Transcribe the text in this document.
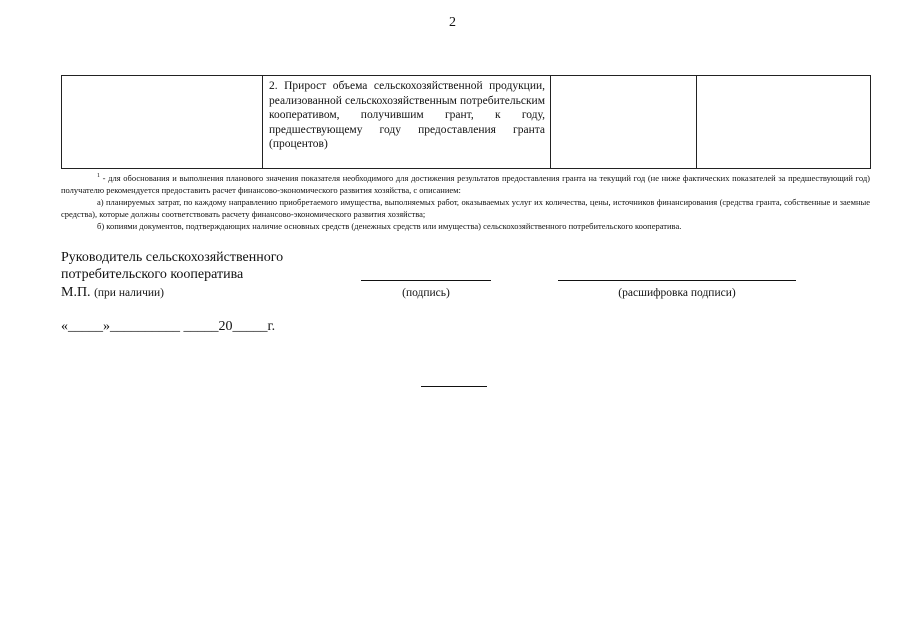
2
	2. Прирост объема сельскохозяйственной продукции, реализованной сельскохозяйственным потребительским кооперативом, получившим грант, к году, предшествующему году предоставления гранта (процентов)		

$^1$ - для обоснования и выполнения планового значения показателя необходимого для достижения результатов предоставления гранта на текущий год (не ниже фактических показателей за предшествующий год) получателю рекомендуется предоставить расчет финансово-экономического развития хозяйства, с описанием:

а) планируемых затрат, по каждому направлению приобретаемого имущества, выполняемых работ, оказываемых услуг их количества, цены, источников финансирования (средства гранта, собственные и заемные средства), которые должны соответствовать расчету финансово-экономического развития хозяйства;

б) копиями документов, подтверждающих наличие основных средств (денежных средств или имущества) сельскохозяйственного потребительского кооператива.

Руководитель сельскохозяйственного
потребительского кооператива
М.П. (при наличии)	(подпись)	(расшифровка подписи)
«_____»__________ _____20_____г.
